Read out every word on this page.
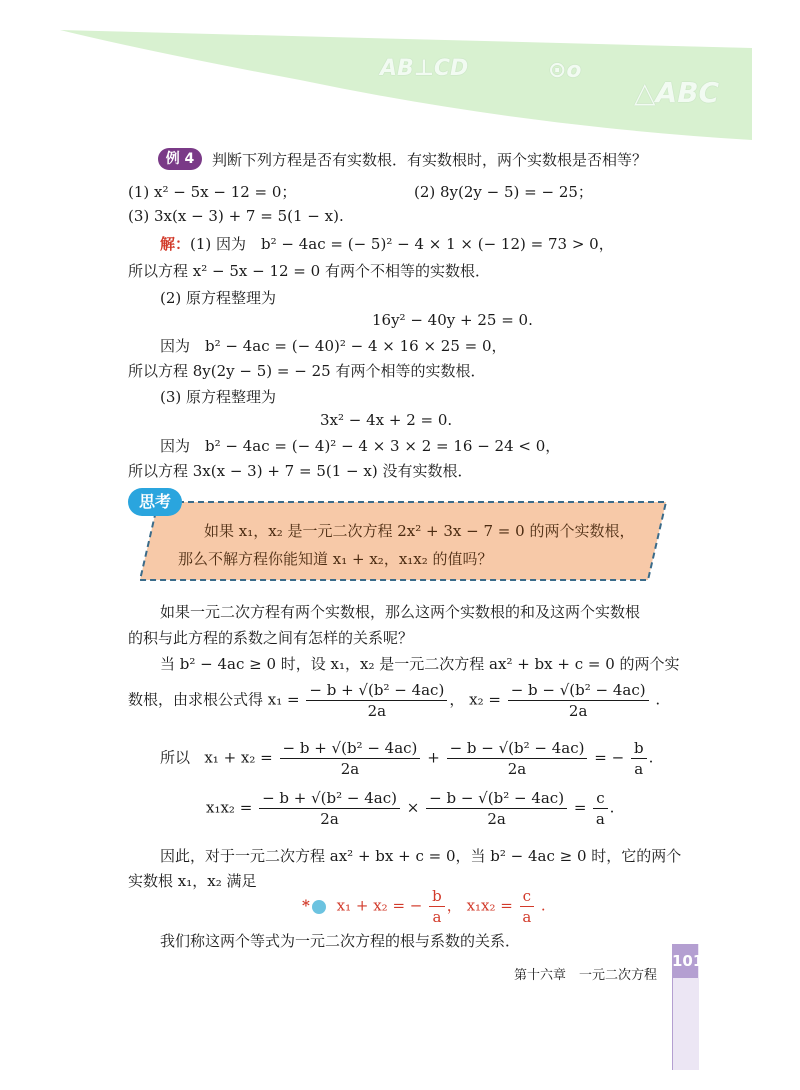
AB⊥CD	⊙o
△ABC
例 4	判断下列方程是否有实数根．有实数根时，两个实数根是否相等？
(1) x² − 5x − 12 = 0；	(2) 8y(2y − 5) = − 25；
(3) 3x(x − 3) + 7 = 5(1 − x).
解：(1) 因为　b² − 4ac = (− 5)² − 4 × 1 × (− 12) = 73 > 0，
所以方程 x² − 5x − 12 = 0 有两个不相等的实数根．
(2) 原方程整理为
16y² − 40y + 25 = 0.
因为　b² − 4ac = (− 40)² − 4 × 16 × 25 = 0，
所以方程 8y(2y − 5) = − 25 有两个相等的实数根．
(3) 原方程整理为
3x² − 4x + 2 = 0.
因为　b² − 4ac = (− 4)² − 4 × 3 × 2 = 16 − 24 < 0，
所以方程 3x(x − 3) + 7 = 5(1 − x) 没有实数根．
思考
如果 x₁，x₂ 是一元二次方程 2x² + 3x − 7 = 0 的两个实数根，
那么不解方程你能知道 x₁ + x₂，x₁x₂ 的值吗？
如果一元二次方程有两个实数根，那么这两个实数根的和及这两个实数根
的积与此方程的系数之间有怎样的关系呢？
当 b² − 4ac ≥ 0 时，设 x₁，x₂ 是一元二次方程 ax² + bx + c = 0 的两个实
数根，由求根公式得 $x_1 = \frac{\text{− b + √(b² − 4ac)}}{2a}$ ， $x_2 = \frac{\text{− b − √(b² − 4ac)}}{2a}$ .
所以 $x_1 + x_2 = \frac{\text{− b + √(b² − 4ac)}}{2a} + \frac{\text{− b − √(b² − 4ac)}}{2a}$ = − $\frac{b}{a}$ .
$x_1x_2 = \frac{\text{− b + √(b² − 4ac)}}{2a} \times \frac{\text{− b − √(b² − 4ac)}}{2a} = \frac{c}{a}$ .
因此，对于一元二次方程 ax² + bx + c = 0，当 b² − 4ac ≥ 0 时，它的两个
实数根 x₁，x₂ 满足
* x₁ + x₂ = − $\frac{b}{a}$ ， $x_1x_2 = \frac{c}{a}$ .
我们称这两个等式为一元二次方程的根与系数的关系．
101
第十六章　一元二次方程
